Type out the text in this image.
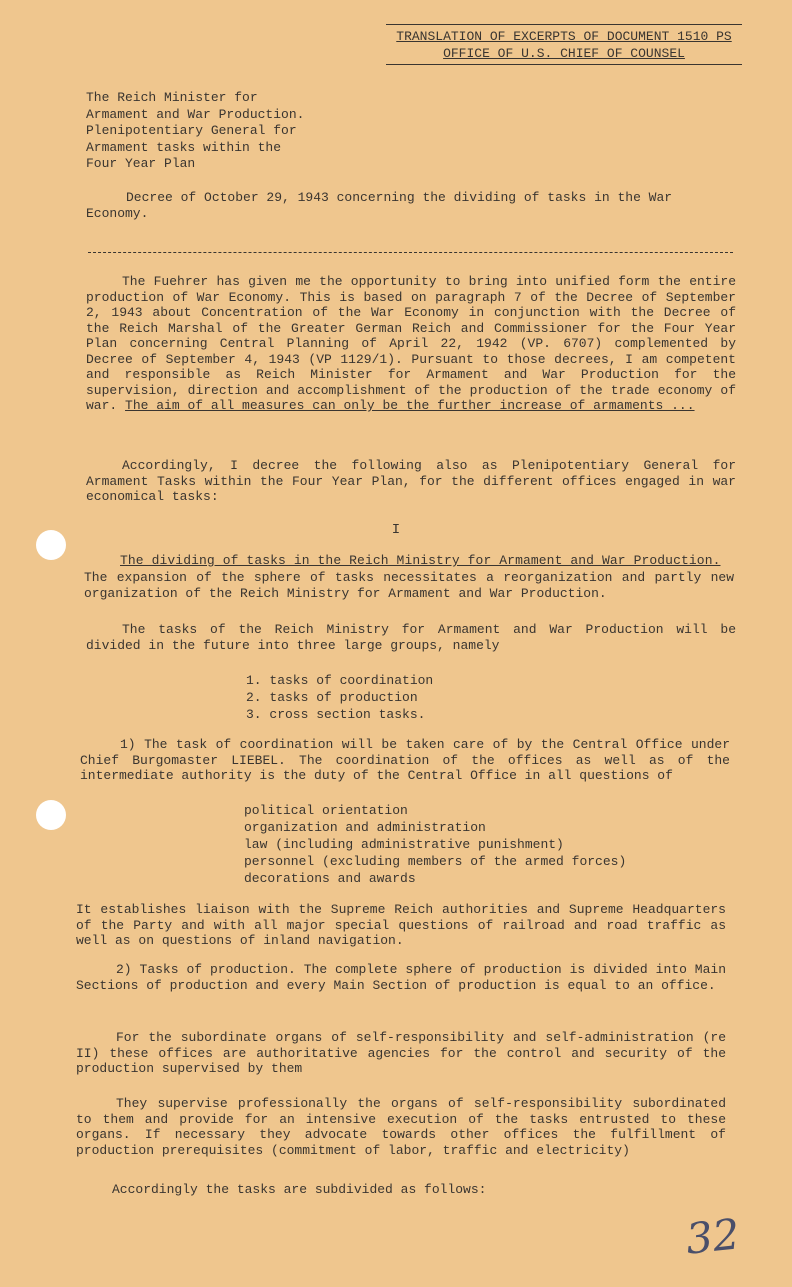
TRANSLATION OF EXCERPTS OF DOCUMENT 1510 PS
OFFICE OF U.S. CHIEF OF COUNSEL
The Reich Minister for
Armament and War Production.
Plenipotentiary General for
Armament tasks within the
Four Year Plan
Decree of October 29, 1943 concerning the dividing of tasks in the War Economy.
The Fuehrer has given me the opportunity to bring into unified form the entire production of War Economy. This is based on paragraph 7 of the Decree of September 2, 1943 about Concentration of the War Economy in conjunction with the Decree of the Reich Marshal of the Greater German Reich and Commissioner for the Four Year Plan concerning Central Planning of April 22, 1942 (VP. 6707) complemented by Decree of September 4, 1943 (VP 1129/1). Pursuant to those decrees, I am competent and responsible as Reich Minister for Armament and War Production for the supervision, direction and accomplishment of the production of the trade economy of war. The aim of all measures can only be the further increase of armaments ...
Accordingly, I decree the following also as Plenipotentiary General for Armament Tasks within the Four Year Plan, for the different offices engaged in war economical tasks:
I
The dividing of tasks in the Reich Ministry for Armament and War Production.
The expansion of the sphere of tasks necessitates a reorganization and partly new organization of the Reich Ministry for Armament and War Production.
The tasks of the Reich Ministry for Armament and War Production will be divided in the future into three large groups, namely
1. tasks of coordination
2. tasks of production
3. cross section tasks.
1) The task of coordination will be taken care of by the Central Office under Chief Burgomaster LIEBEL. The coordination of the offices as well as of the intermediate authority is the duty of the Central Office in all questions of
political orientation
organization and administration
law (including administrative punishment)
personnel (excluding members of the armed forces)
decorations and awards
It establishes liaison with the Supreme Reich authorities and Supreme Headquarters of the Party and with all major special questions of railroad and road traffic as well as on questions of inland navigation.
2) Tasks of production. The complete sphere of production is divided into Main Sections of production and every Main Section of production is equal to an office.
For the subordinate organs of self-responsibility and self-administration (re II) these offices are authoritative agencies for the control and security of the production supervised by them
They supervise professionally the organs of self-responsibility subordinated to them and provide for an intensive execution of the tasks entrusted to these organs. If necessary they advocate towards other offices the fulfillment of production prerequisites (commitment of labor, traffic and electricity)
Accordingly the tasks are subdivided as follows:
32
